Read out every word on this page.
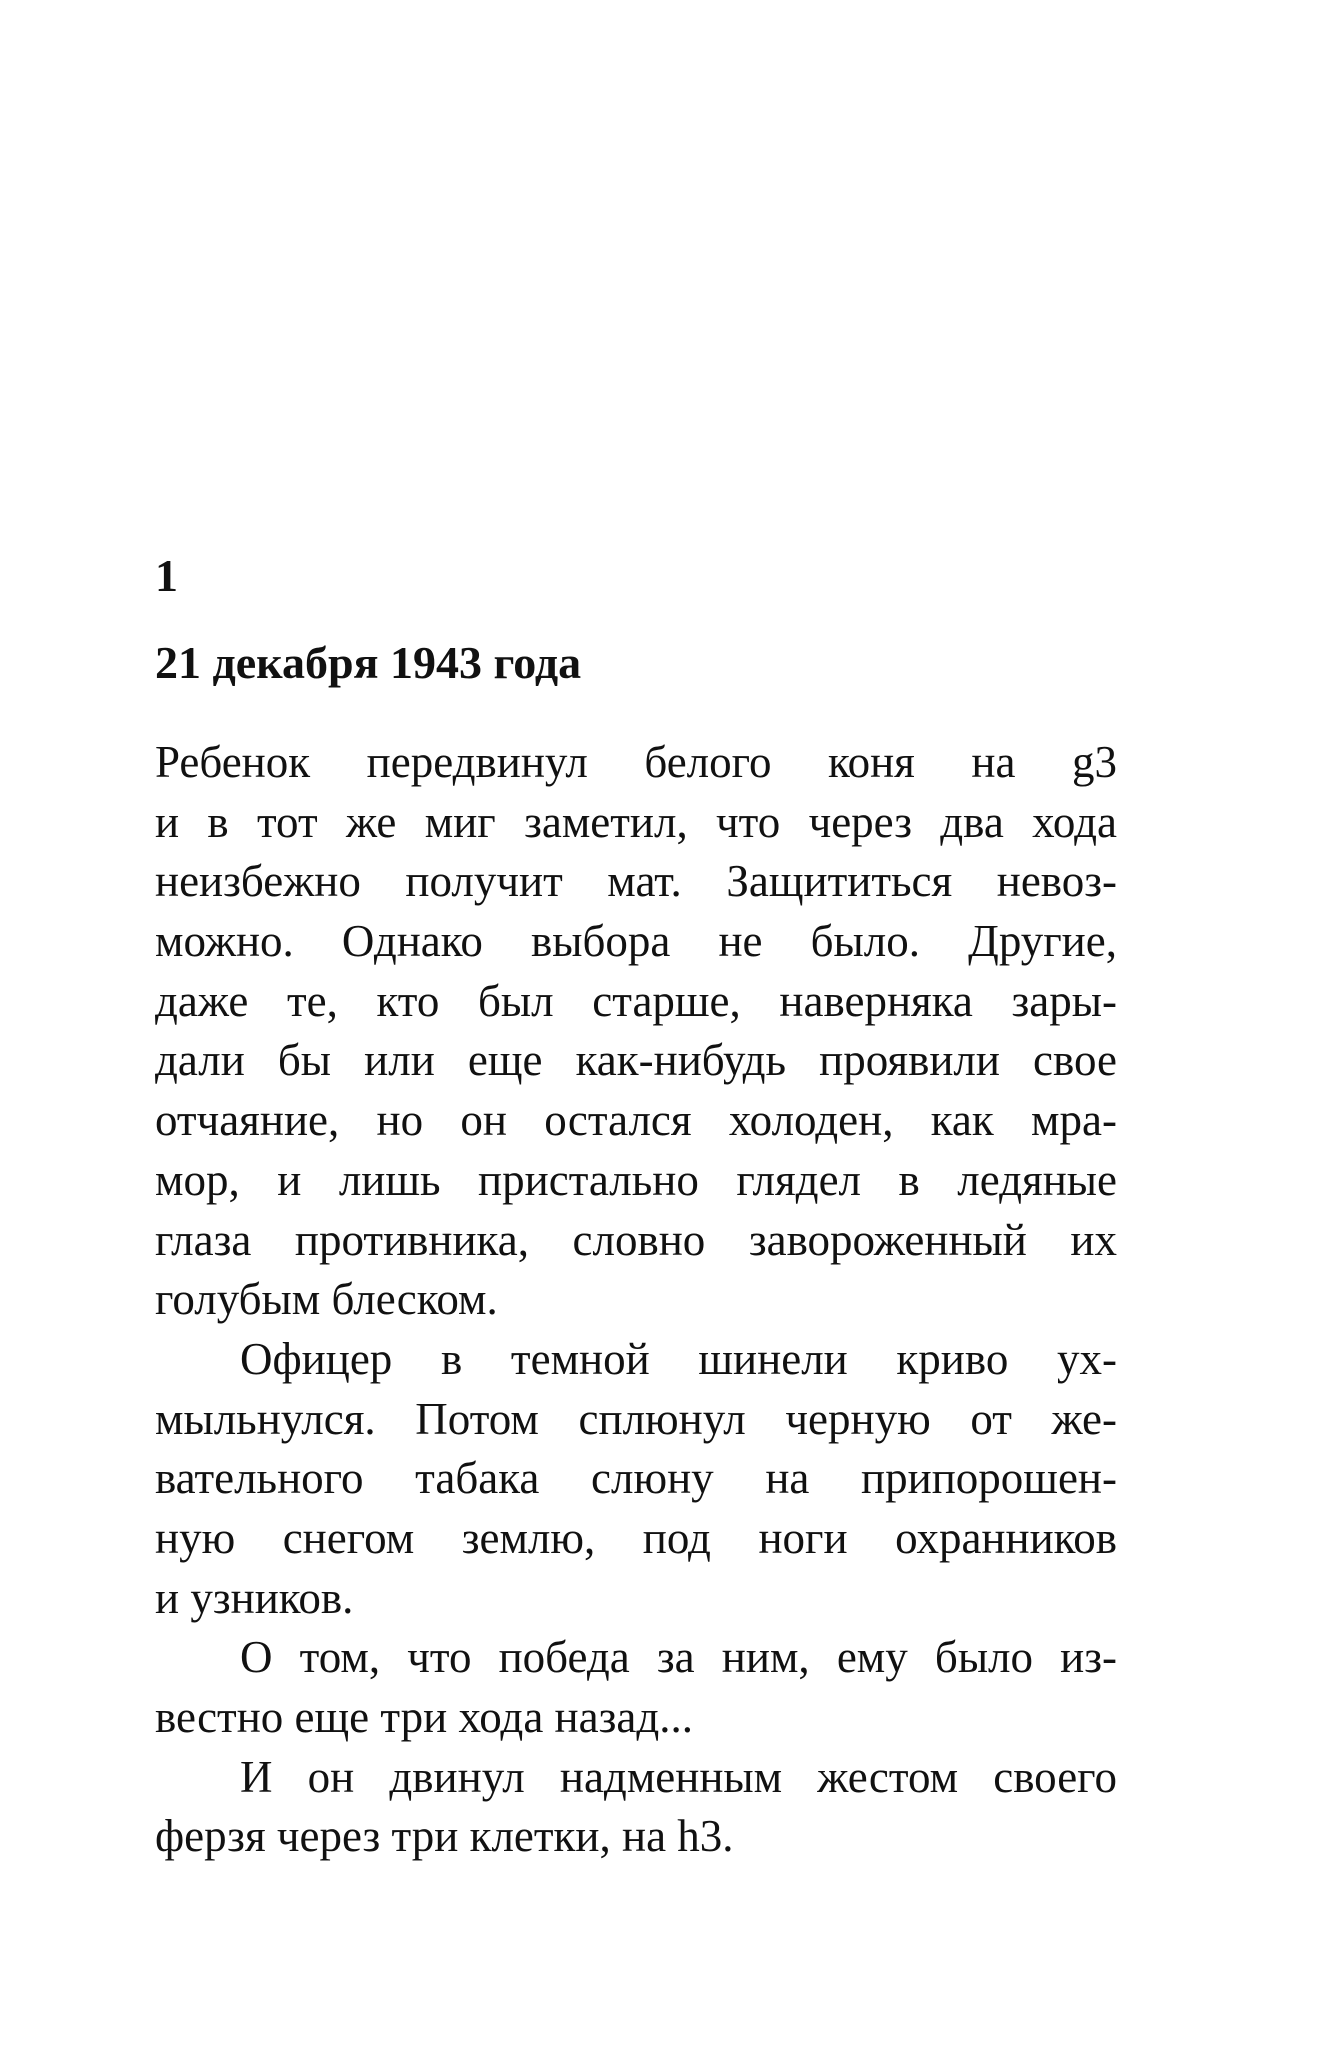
1
21 декабря 1943 года

Ребенок передвинул белого коня на g3
и в тот же миг заметил, что через два хода
неизбежно получит мат. Защититься невоз-
можно. Однако выбора не было. Другие,
даже те, кто был старше, наверняка зары-
дали бы или еще как-нибудь проявили свое
отчаяние, но он остался холоден, как мра-
мор, и лишь пристально глядел в ледяные
глаза противника, словно завороженный их
голубым блеском.

Офицер в темной шинели криво ух-
мыльнулся. Потом сплюнул черную от же-
вательного табака слюну на припорошен-
ную снегом землю, под ноги охранников
и узников.

О том, что победа за ним, ему было из-
вестно еще три хода назад...

И он двинул надменным жестом своего
ферзя через три клетки, на h3.
